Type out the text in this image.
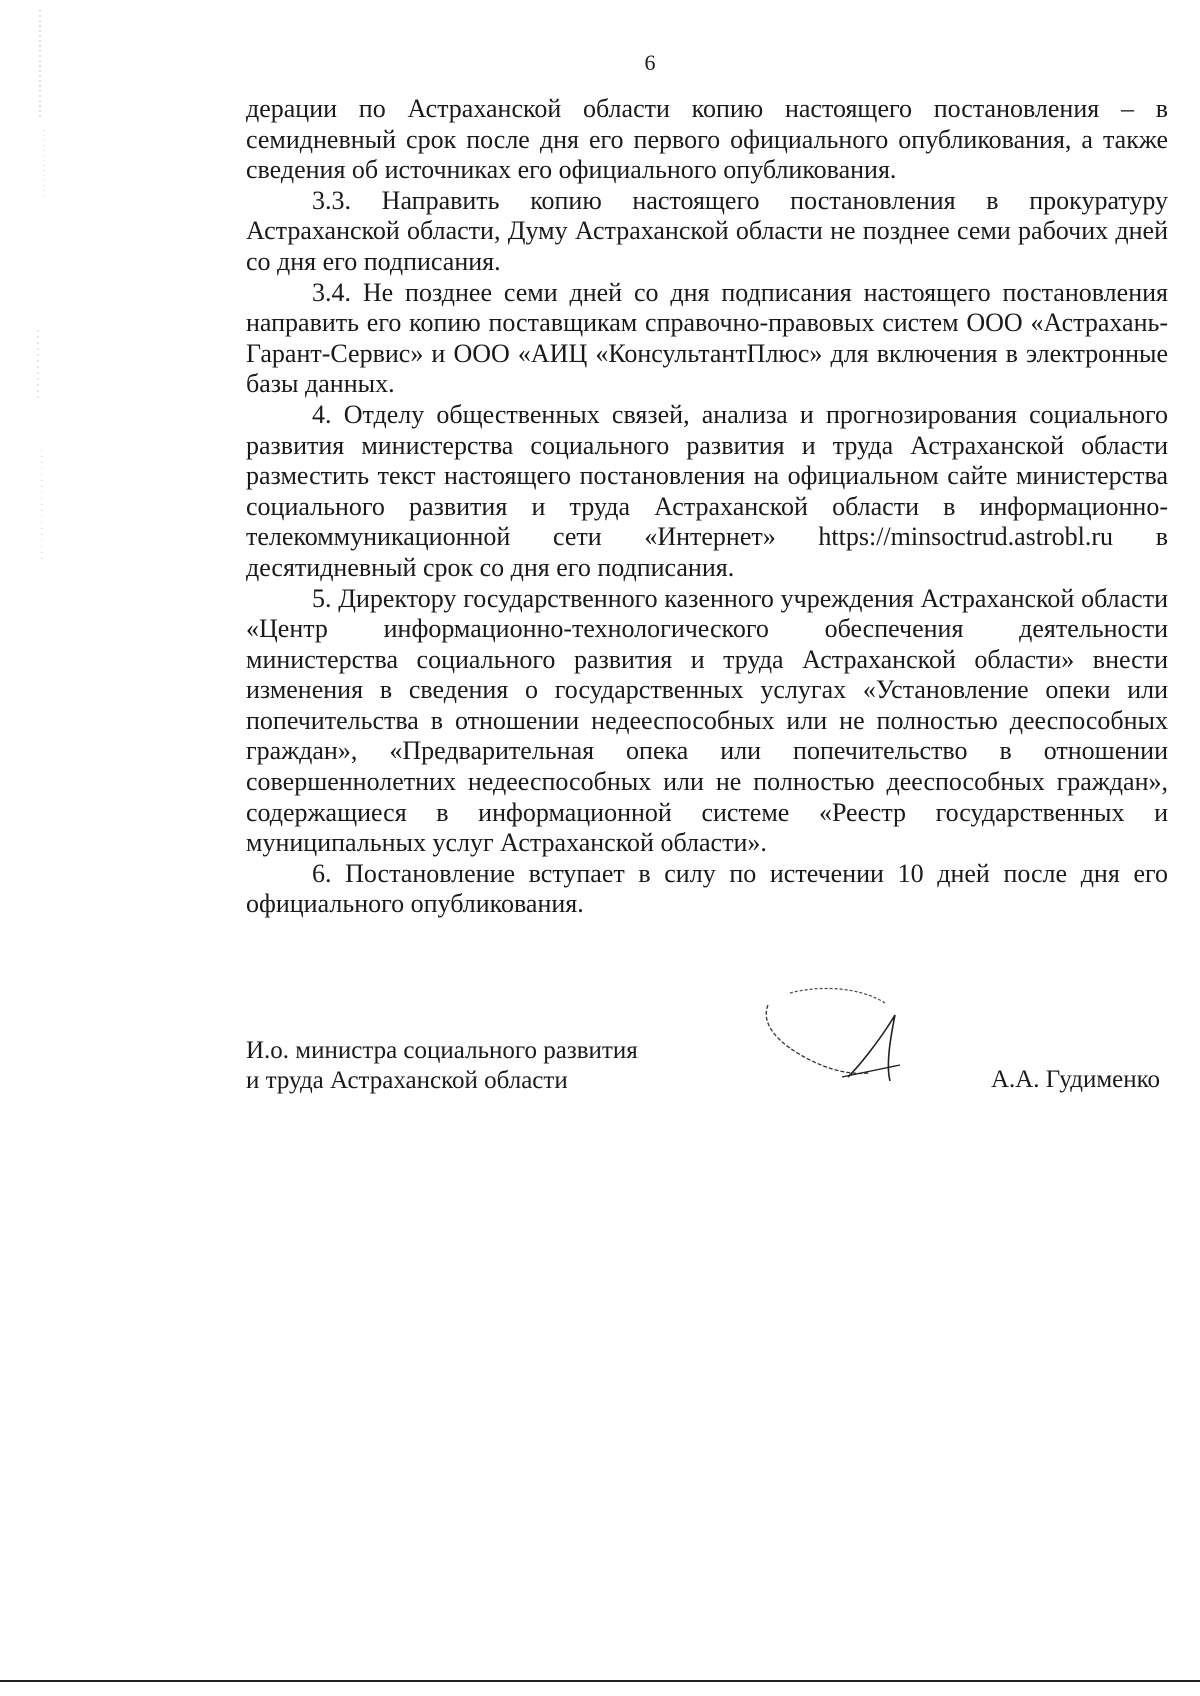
6

дерации по Астраханской области копию настоящего постановления – в семидневный срок после дня его первого официального опубликования, а также сведения об источниках его официального опубликования.

3.3. Направить копию настоящего постановления в прокуратуру Астраханской области, Думу Астраханской области не позднее семи рабочих дней со дня его подписания.

3.4. Не позднее семи дней со дня подписания настоящего постановления направить его копию поставщикам справочно-правовых систем ООО «Астрахань-Гарант-Сервис» и ООО «АИЦ «КонсультантПлюс» для включения в электронные базы данных.

4. Отделу общественных связей, анализа и прогнозирования социального развития министерства социального развития и труда Астраханской области разместить текст настоящего постановления на официальном сайте министерства социального развития и труда Астраханской области в информационно-телекоммуникационной сети «Интернет» https://minsoctrud.astrobl.ru в десятидневный срок со дня его подписания.

5. Директору государственного казенного учреждения Астраханской области «Центр информационно-технологического обеспечения деятельности министерства социального развития и труда Астраханской области» внести изменения в сведения о государственных услугах «Установление опеки или попечительства в отношении недееспособных или не полностью дееспособных граждан», «Предварительная опека или попечительство в отношении совершеннолетних недееспособных или не полностью дееспособных граждан», содержащиеся в информационной системе «Реестр государственных и муниципальных услуг Астраханской области».

6. Постановление вступает в силу по истечении 10 дней после дня его официального опубликования.

И.о. министра социального развития
и труда Астраханской области	А.А. Гудименко
